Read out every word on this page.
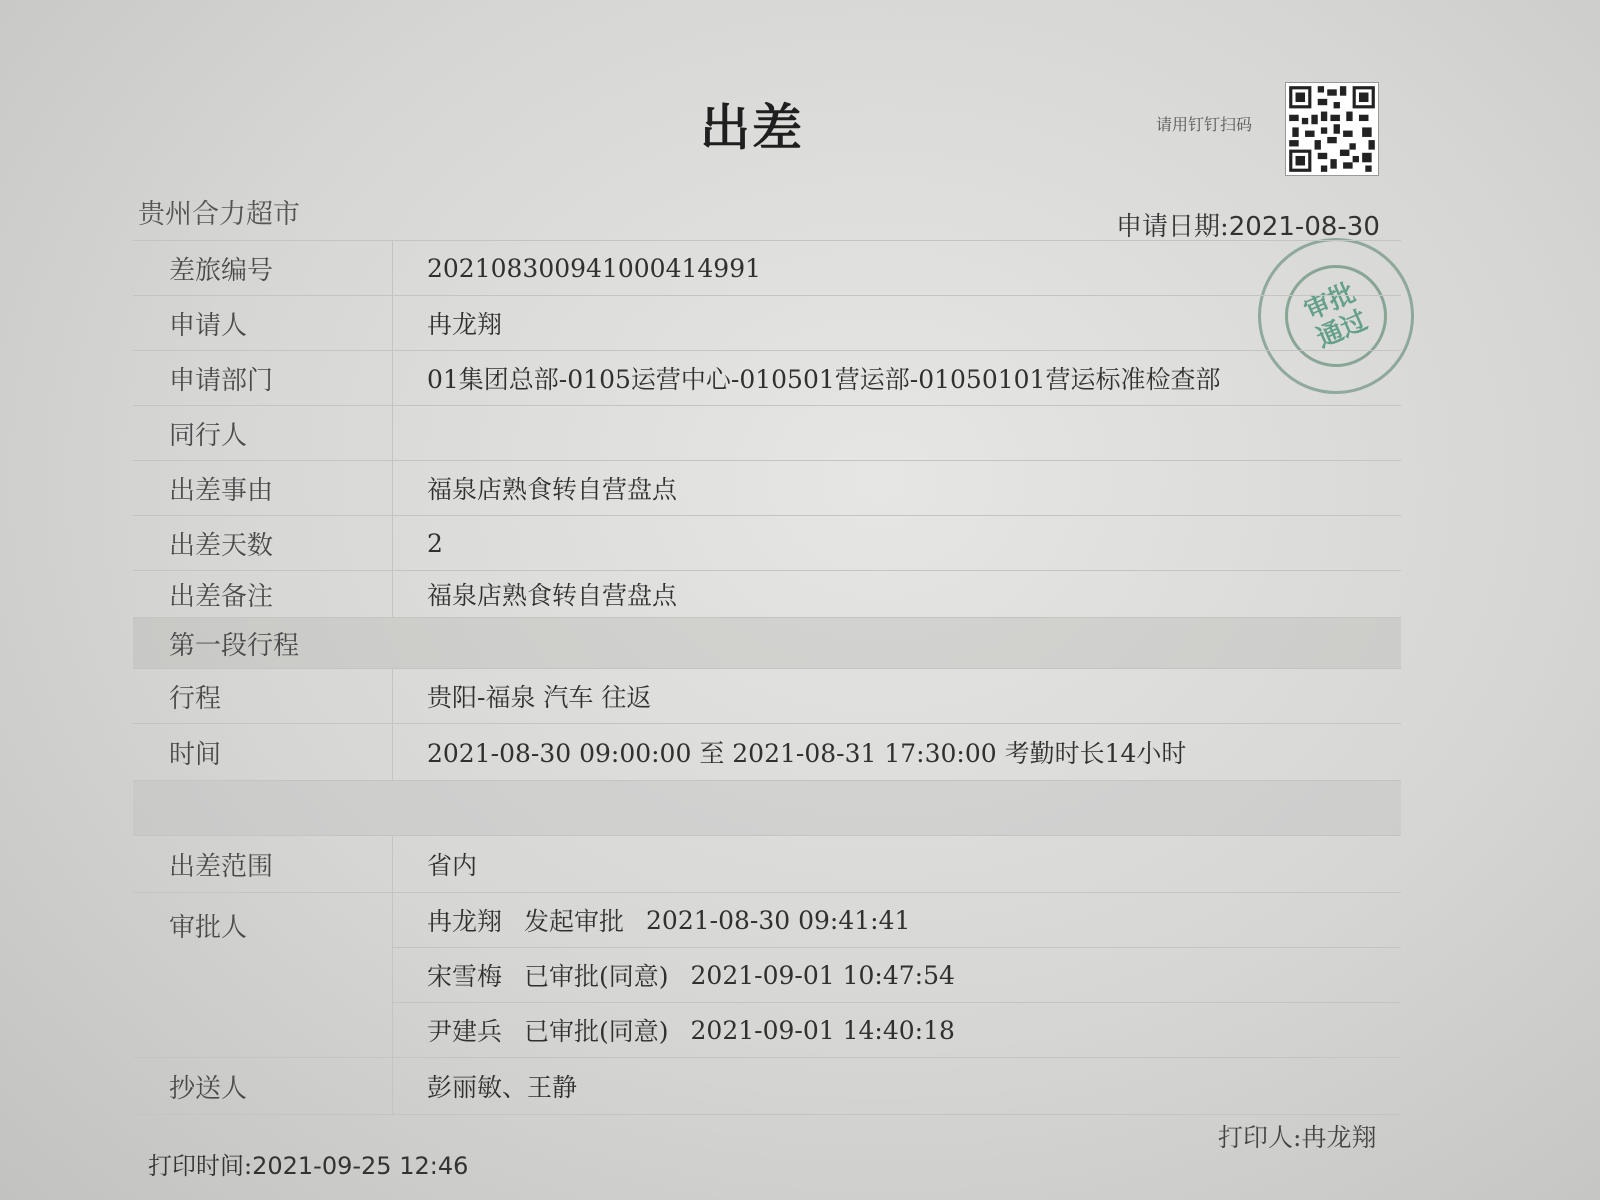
出差	请用钉钉扫码
贵州合力超市	申请日期:2021-08-30
审批通过
差旅编号	2021083009410004149​91
申请人	冉龙翔
申请部门	01集团总部-0105运营中心-010501营运部-01050101营运标准检查部
同行人
出差事由	福泉店熟食转自营盘点
出差天数	2
出差备注	福泉店熟食转自营盘点
第一段行程
行程	贵阳-福泉 汽车 往返
时间	2021-08-30 09:00:00 至 2021-08-31 17:30:00 考勤时长14小时
出差范围	省内
审批人	冉龙翔 发起审批 2021-08-30 09:41:41
宋雪梅 已审批(同意) 2021-09-01 10:47:54
尹建兵 已审批(同意) 2021-09-01 14:40:18
抄送人	彭丽敏、王静
打印人:冉龙翔
打印时间:2021-09-25 12:46
